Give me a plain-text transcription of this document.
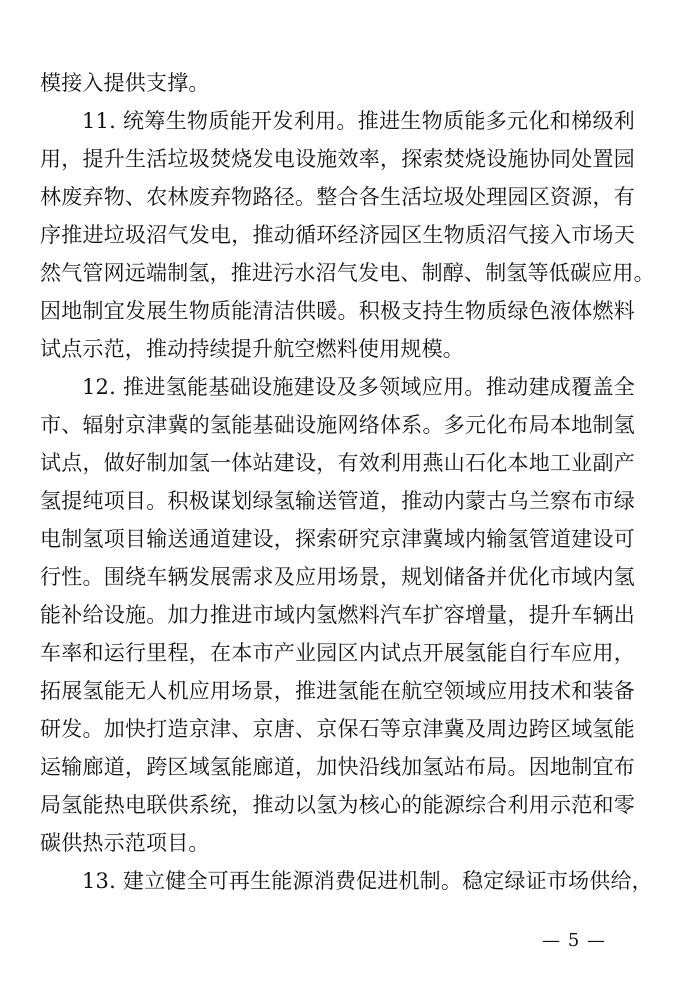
模接入提供支撑。
11. 统筹生物质能开发利用。推进生物质能多元化和梯级利
用，提升生活垃圾焚烧发电设施效率，探索焚烧设施协同处置园
林废弃物、农林废弃物路径。整合各生活垃圾处理园区资源，有
序推进垃圾沼气发电，推动循环经济园区生物质沼气接入市场天
然气管网远端制氢，推进污水沼气发电、制醇、制氢等低碳应用。
因地制宜发展生物质能清洁供暖。积极支持生物质绿色液体燃料
试点示范，推动持续提升航空燃料使用规模。
12. 推进氢能基础设施建设及多领域应用。推动建成覆盖全
市、辐射京津冀的氢能基础设施网络体系。多元化布局本地制氢
试点，做好制加氢一体站建设，有效利用燕山石化本地工业副产
氢提纯项目。积极谋划绿氢输送管道，推动内蒙古乌兰察布市绿
电制氢项目输送通道建设，探索研究京津冀域内输氢管道建设可
行性。围绕车辆发展需求及应用场景，规划储备并优化市域内氢
能补给设施。加力推进市域内氢燃料汽车扩容增量，提升车辆出
车率和运行里程，在本市产业园区内试点开展氢能自行车应用，
拓展氢能无人机应用场景，推进氢能在航空领域应用技术和装备
研发。加快打造京津、京唐、京保石等京津冀及周边跨区域氢能
运输廊道，跨区域氢能廊道，加快沿线加氢站布局。因地制宜布
局氢能热电联供系统，推动以氢为核心的能源综合利用示范和零
碳供热示范项目。
13. 建立健全可再生能源消费促进机制。稳定绿证市场供给，
— 5 —
